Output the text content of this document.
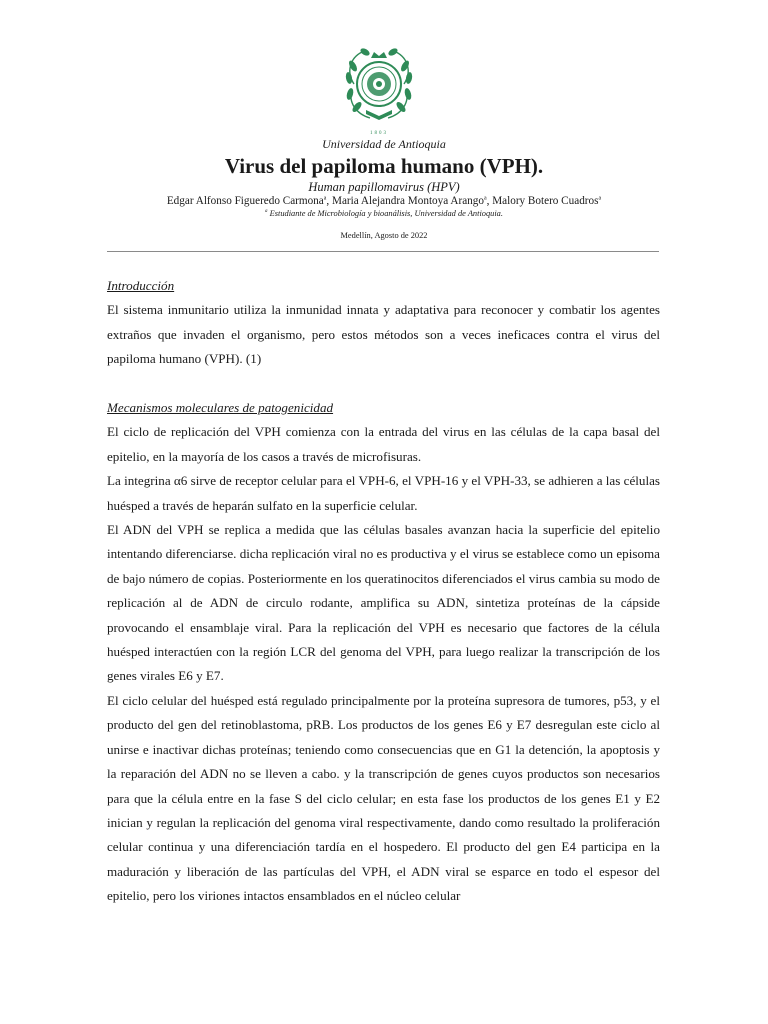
1803
Universidad de Antioquia
Virus del papiloma humano (VPH).
Human papillomavirus (HPV)
Edgar Alfonso Figueredo Carmona$^a$, Maria Alejandra Montoya Arango$^a$, Malory Botero Cuadros$^a$
$^a$ Estudiante de Microbiología y bioanálisis, Universidad de Antioquia.
Medellín, Agosto de 2022
Introducción

El sistema inmunitario utiliza la inmunidad innata y adaptativa para reconocer y combatir los agentes extraños que invaden el organismo, pero estos métodos son a veces ineficaces contra el virus del papiloma humano (VPH). (1)

Mecanismos moleculares de patogenicidad

El ciclo de replicación del VPH comienza con la entrada del virus en las células de la capa basal del epitelio, en la mayoría de los casos a través de microfisuras.

La integrina α6 sirve de receptor celular para el VPH-6, el VPH-16 y el VPH-33, se adhieren a las células huésped a través de heparán sulfato en la superficie celular.

El ADN del VPH se replica a medida que las células basales avanzan hacia la superficie del epitelio intentando diferenciarse. dicha replicación viral no es productiva y el virus se establece como un episoma de bajo número de copias. Posteriormente en los queratinocitos diferenciados el virus cambia su modo de replicación al de ADN de circulo rodante, amplifica su ADN, sintetiza proteínas de la cápside provocando el ensamblaje viral. Para la replicación del VPH es necesario que factores de la célula huésped interactúen con la región LCR del genoma del VPH, para luego realizar la transcripción de los genes virales E6 y E7.

El ciclo celular del huésped está regulado principalmente por la proteína supresora de tumores, p53, y el producto del gen del retinoblastoma, pRB. Los productos de los genes E6 y E7 desregulan este ciclo al unirse e inactivar dichas proteínas; teniendo como consecuencias que en G1 la detención, la apoptosis y la reparación del ADN no se lleven a cabo. y la transcripción de genes cuyos productos son necesarios para que la célula entre en la fase S del ciclo celular; en esta fase los productos de los genes E1 y E2 inician y regulan la replicación del genoma viral respectivamente, dando como resultado la proliferación celular continua y una diferenciación tardía en el hospedero. El producto del gen E4 participa en la maduración y liberación de las partículas del VPH, el ADN viral se esparce en todo el espesor del epitelio, pero los viriones intactos ensamblados en el núcleo celular
